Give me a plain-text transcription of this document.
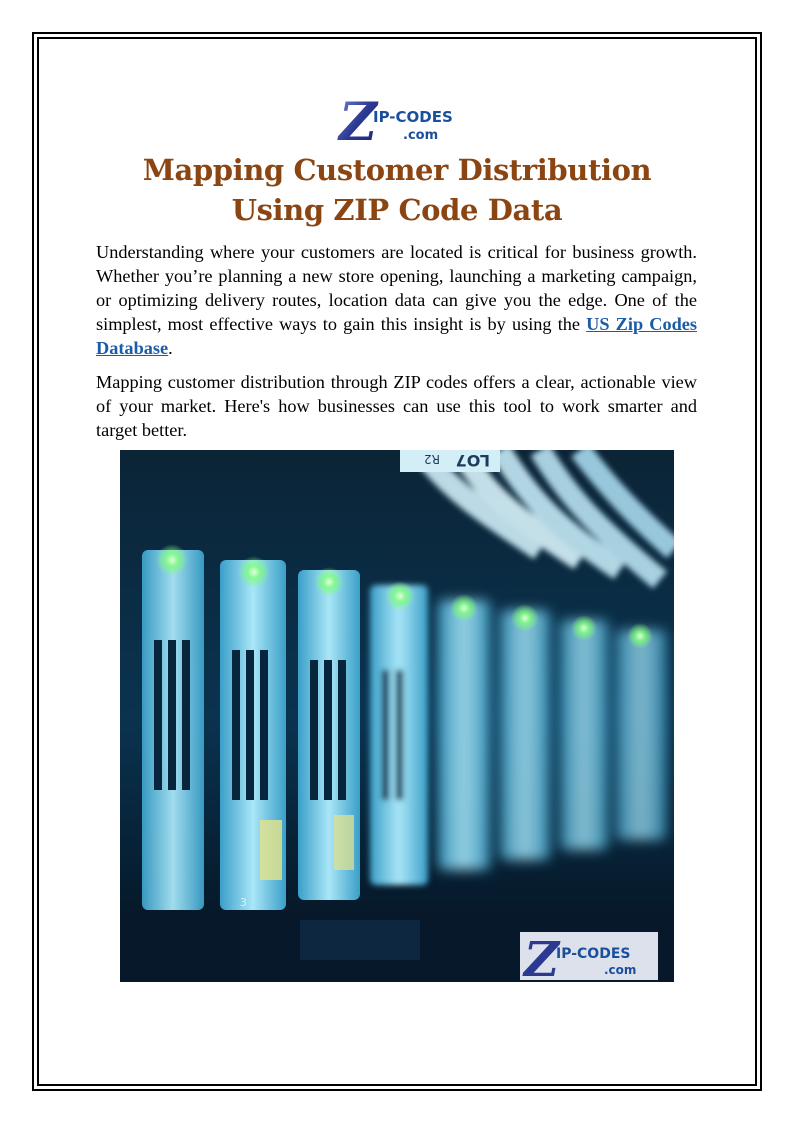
Z
IP-CODES
.com
Mapping Customer Distribution Using ZIP Code Data

Understanding where your customers are located is critical for business growth. Whether you’re planning a new store opening, launching a marketing campaign, or optimizing delivery routes, location data can give you the edge. One of the simplest, most effective ways to gain this insight is by using the US Zip Codes Database.

Mapping customer distribution through ZIP codes offers a clear, actionable view of your market. Here's how businesses can use this tool to work smarter and target better.

LO7
R2
3
Z
IP-CODES
.com
